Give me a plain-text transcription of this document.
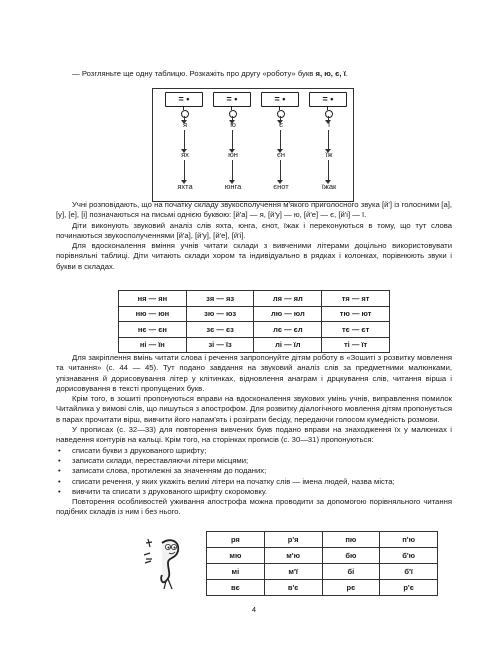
— Розгляньте ще одну таблицю. Розкажіть про другу «роботу» букв я, ю, є, ї.

= •
я
ях
яхта
= •
ю
юн
юнга
= •
є
єн
єнот
= •
ї
їж
їжак

Учні розповідають, що на початку складу звукосполучення м'якого приголосного звука [й'] із голосними [а], [у], [е], [і] позначаються на письмі однією буквою: [й'а] — я, [й'у] — ю, [й'е] — є, [й'і] — ї.

Діти виконують звуковий аналіз слів яхта, юнга, єнот, їжак і переконуються в тому, що тут слова починаються звукосполученнями [й'а], [й'у], [й'е], [й'і].

Для вдосконалення вміння учнів читати склади з вивченими літерами доцільно використовувати порівняльні таблиці. Діти читають склади хором та індивідуально в рядках і колонках, порівнюють звуки і букви в складах.

ня — ян	зя — яз	ля — ял	тя — ят
ню — юн	зю — юз	лю — юл	тю — ют
нє — єн	зє — єз	лє — єл	тє — єт
ні — їн	зі — їз	лі — їл	ті — їт

Для закріплення вмінь читати слова і речення запропонуйте дітям роботу в «Зошиті з розвитку мовлення та читання» (с. 44 — 45). Тут подано завдання на звуковий аналіз слів за предметними малюнками, упізнавання й дорисовування літер у клітинках, відновлення анаграм і дрцкування слів, читання вірша і дорисовування в тексті пропущених букв.

Крім того, в зошиті пропонуються вправи на вдосконалення звукових умінь учнів, виправлення помилок Читайлика у вимові слів, що пишуться з апострофом. Для розвитку діалогічного мовлення дітям пропонується в парах прочитати вірш, вивчити його напам'ять і розіграти бесіду, передаючи голосом кумедність розмови.

У прописах (с. 32—33) для повторення вивчених букв подано вправи на знаходження їх у малюнках і наведення контурів на кальці. Крім того, на сторінках прописів (с. 30—31) пропонуються:

• списати букви з друкованого шрифту;
• записати склади, переставляючи літери місцями;
• записати слова, протилежні за значенням до поданих;
• списати речення, у яких укажіть великі літери на початку слів — імена людей, назва міста;
• вивчити та списати з друкованого шрифту скоромовку.

Повторення особливостей уживання апострофа можна проводити за допомогою порівняльного читання подібних складів із ним і без нього.

ря	р'я	пю	п'ю
мю	м'ю	бю	б'ю
мі	м'ї	бі	б'ї
вє	в'є	рє	р'є
4
